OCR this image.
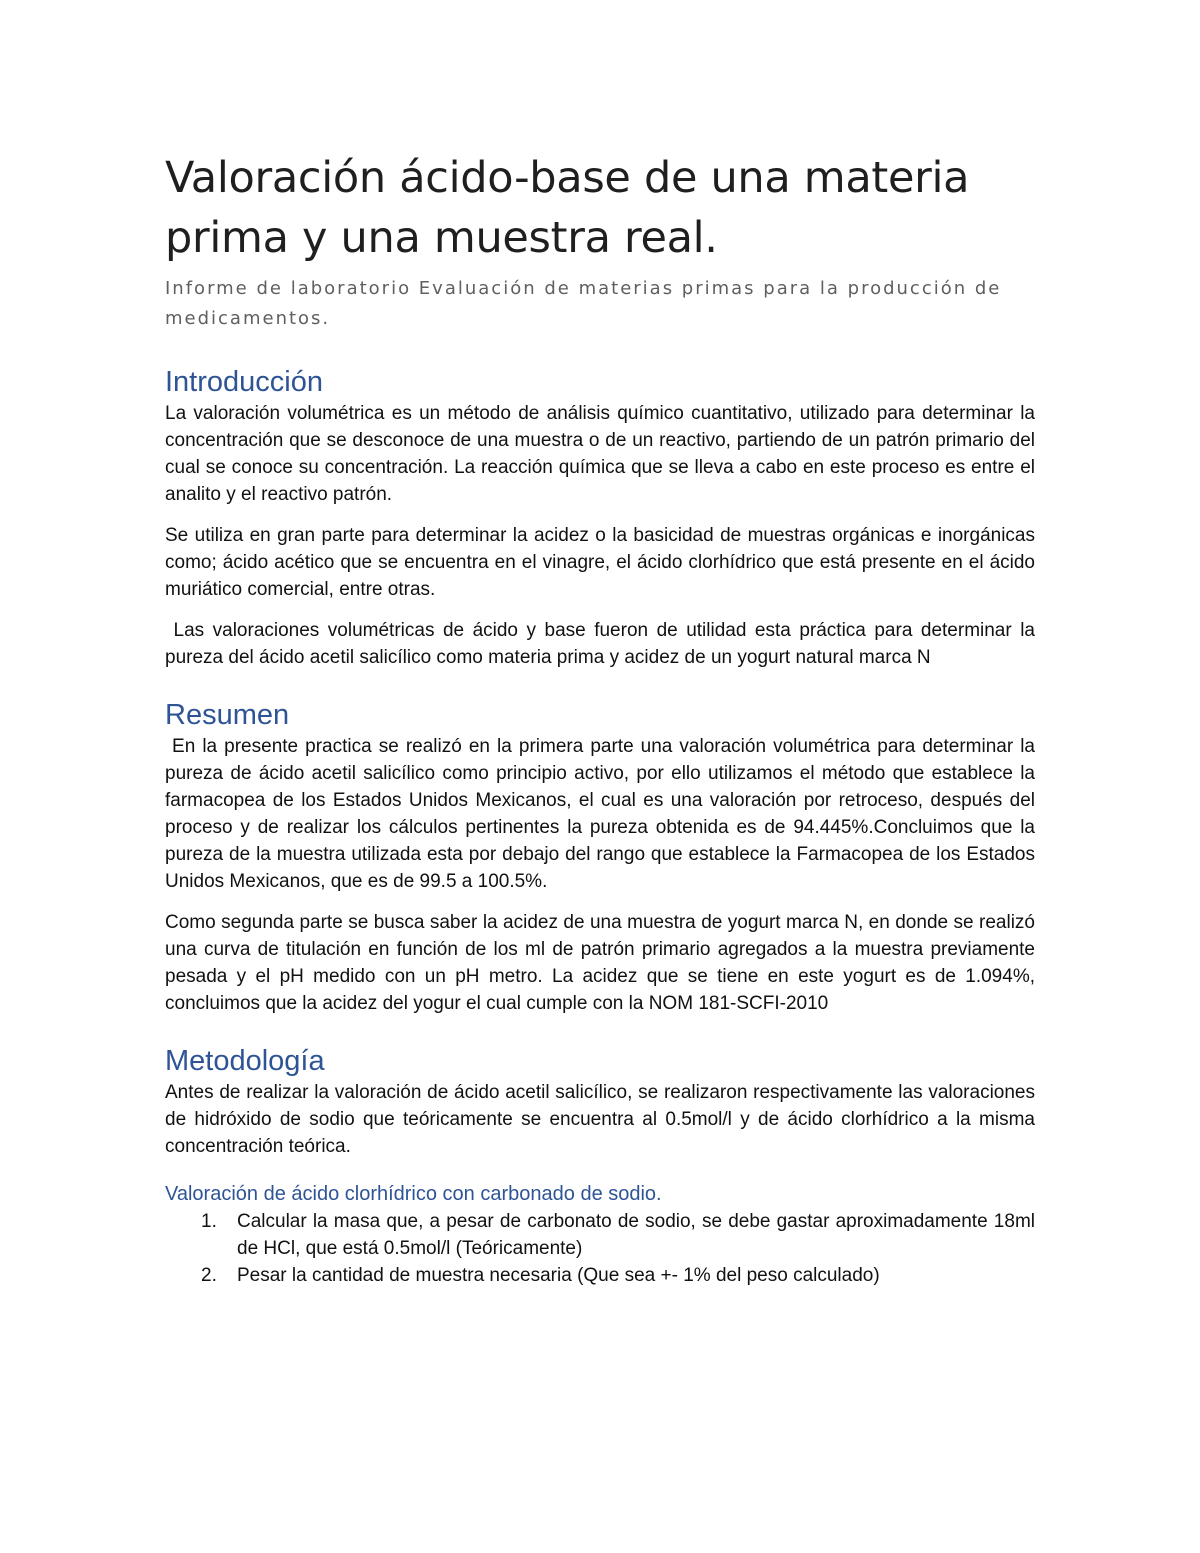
Valoración ácido-base de una materia prima y una muestra real.

Informe de laboratorio Evaluación de materias primas para la producción de medicamentos.

Introducción

La valoración volumétrica es un método de análisis químico cuantitativo, utilizado para determinar la concentración que se desconoce de una muestra o de un reactivo, partiendo de un patrón primario del cual se conoce su concentración. La reacción química que se lleva a cabo en este proceso es entre el analito y el reactivo patrón.

Se utiliza en gran parte para determinar la acidez o la basicidad de muestras orgánicas e inorgánicas como; ácido acético que se encuentra en el vinagre, el ácido clorhídrico que está presente en el ácido muriático comercial, entre otras.

Las valoraciones volumétricas de ácido y base fueron de utilidad esta práctica para determinar la pureza del ácido acetil salicílico como materia prima y acidez de un yogurt natural marca N

Resumen

En la presente practica se realizó en la primera parte una valoración volumétrica para determinar la pureza de ácido acetil salicílico como principio activo, por ello utilizamos el método que establece la farmacopea de los Estados Unidos Mexicanos, el cual es una valoración por retroceso, después del proceso y de realizar los cálculos pertinentes la pureza obtenida es de 94.445%.Concluimos que la pureza de la muestra utilizada esta por debajo del rango que establece la Farmacopea de los Estados Unidos Mexicanos, que es de 99.5 a 100.5%.

Como segunda parte se busca saber la acidez de una muestra de yogurt marca N, en donde se realizó una curva de titulación en función de los ml de patrón primario agregados a la muestra previamente pesada y el pH medido con un pH metro. La acidez que se tiene en este yogurt es de 1.094%, concluimos que la acidez del yogur el cual cumple con la NOM 181-SCFI-2010

Metodología

Antes de realizar la valoración de ácido acetil salicílico, se realizaron respectivamente las valoraciones de hidróxido de sodio que teóricamente se encuentra al 0.5mol/l y de ácido clorhídrico a la misma concentración teórica.

Valoración de ácido clorhídrico con carbonado de sodio.
1. Calcular la masa que, a pesar de carbonato de sodio, se debe gastar aproximadamente 18ml de HCl, que está 0.5mol/l (Teóricamente)
2. Pesar la cantidad de muestra necesaria (Que sea +- 1% del peso calculado)
